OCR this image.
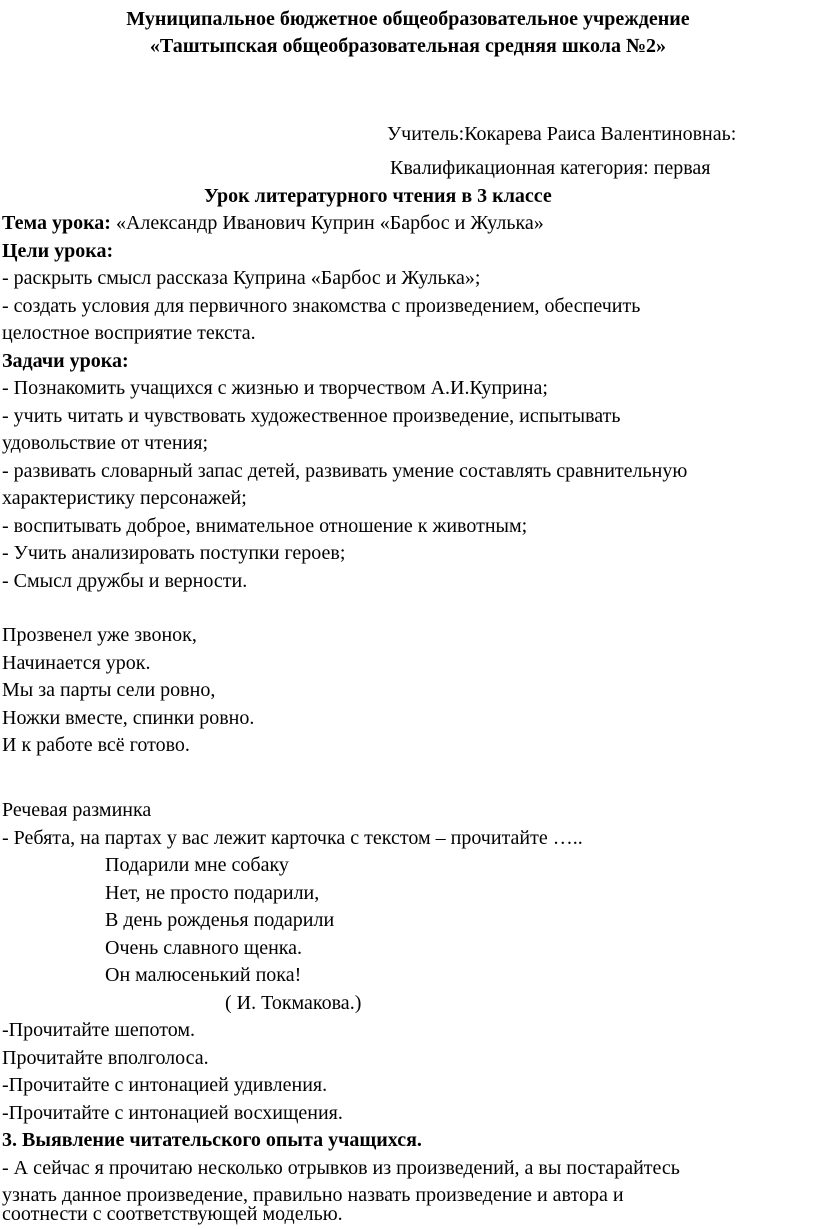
Муниципальное бюджетное общеобразовательное учреждение
«Таштыпская общеобразовательная средняя школа №2»
Учитель:Кокарева Раиса Валентиновнаь:
Квалификационная категория: первая
Урок литературного чтения в 3 классе
Тема урока: «Александр Иванович Куприн «Барбос и Жулька»
Цели урока:
- раскрыть смысл рассказа Куприна «Барбос и Жулька»;
- создать условия для первичного знакомства с произведением, обеспечить
целостное восприятие текста.
Задачи урока:
- Познакомить учащихся с жизнью и творчеством А.И.Куприна;
- учить читать и чувствовать художественное произведение, испытывать
удовольствие от чтения;
- развивать словарный запас детей, развивать умение составлять сравнительную
характеристику персонажей;
- воспитывать доброе, внимательное отношение к животным;
- Учить анализировать поступки героев;
- Смысл дружбы и верности.
Прозвенел уже звонок,
Начинается урок.
Мы за парты сели ровно,
Ножки вместе, спинки ровно.
И к работе всё готово.
Речевая разминка
- Ребята, на партах у вас лежит карточка с текстом – прочитайте …..
Подарили мне собаку
Нет, не просто подарили,
В день рожденья подарили
Очень славного щенка.
Он малюсенький пока!
( И. Токмакова.)
-Прочитайте шепотом.
Прочитайте вполголоса.
-Прочитайте с интонацией удивления.
-Прочитайте с интонацией восхищения.
3. Выявление читательского опыта учащихся.
- А сейчас я прочитаю несколько отрывков из произведений, а вы постарайтесь
узнать данное произведение, правильно назвать произведение и автора и
соотнести с соответствующей моделью.
